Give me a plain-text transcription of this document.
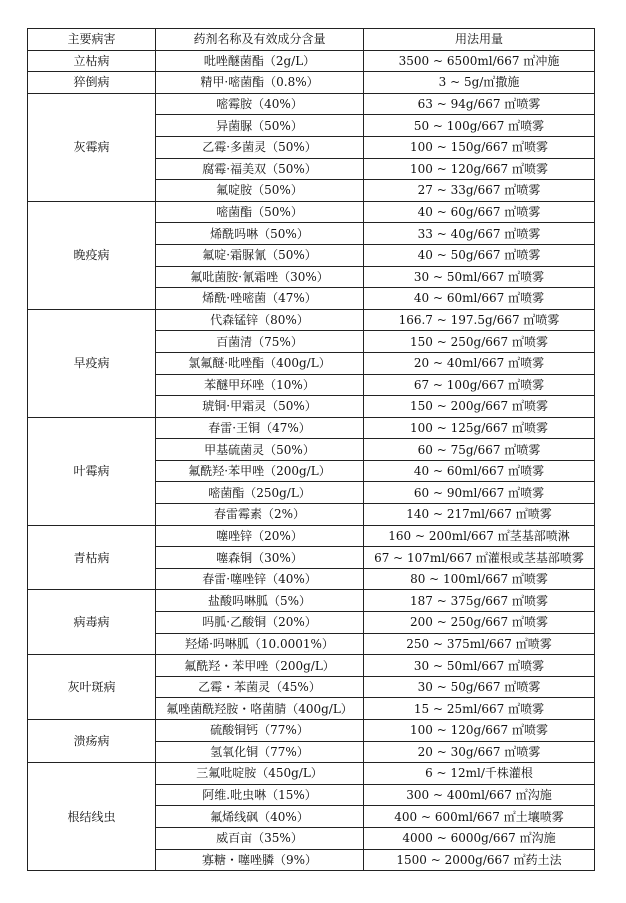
主要病害	药剂名称及有效成分含量	用法用量
立枯病	吡唑醚菌酯（2g/L）	3500 ~ 6500ml/667 ㎡冲施
猝倒病	精甲·嘧菌酯（0.8%）	3 ~ 5g/㎡撒施
灰霉病	嘧霉胺（40%）	63 ~ 94g/667 ㎡喷雾
	异菌脲（50%）	50 ~ 100g/667 ㎡喷雾
	乙霉·多菌灵（50%）	100 ~ 150g/667 ㎡喷雾
	腐霉·福美双（50%）	100 ~ 120g/667 ㎡喷雾
	氟啶胺（50%）	27 ~ 33g/667 ㎡喷雾
晚疫病	嘧菌酯（50%）	40 ~ 60g/667 ㎡喷雾
	烯酰吗啉（50%）	33 ~ 40g/667 ㎡喷雾
	氟啶·霜脲氰（50%）	40 ~ 50g/667 ㎡喷雾
	氟吡菌胺·氰霜唑（30%）	30 ~ 50ml/667 ㎡喷雾
	烯酰·唑嘧菌（47%）	40 ~ 60ml/667 ㎡喷雾
早疫病	代森锰锌（80%）	166.7 ~ 197.5g/667 ㎡喷雾
	百菌清（75%）	150 ~ 250g/667 ㎡喷雾
	氯氟醚·吡唑酯（400g/L）	20 ~ 40ml/667 ㎡喷雾
	苯醚甲环唑（10%）	67 ~ 100g/667 ㎡喷雾
	琥铜·甲霜灵（50%）	150 ~ 200g/667 ㎡喷雾
叶霉病	春雷·王铜（47%）	100 ~ 125g/667 ㎡喷雾
	甲基硫菌灵（50%）	60 ~ 75g/667 ㎡喷雾
	氟酰羟·苯甲唑（200g/L）	40 ~ 60ml/667 ㎡喷雾
	嘧菌酯（250g/L）	60 ~ 90ml/667 ㎡喷雾
	春雷霉素（2%）	140 ~ 217ml/667 ㎡喷雾
青枯病	噻唑锌（20%）	160 ~ 200ml/667 ㎡茎基部喷淋
	噻森铜（30%）	67 ~ 107ml/667 ㎡灌根或茎基部喷雾
	春雷·噻唑锌（40%）	80 ~ 100ml/667 ㎡喷雾
病毒病	盐酸吗啉胍（5%）	187 ~ 375g/667 ㎡喷雾
	吗胍·乙酸铜（20%）	200 ~ 250g/667 ㎡喷雾
	羟烯·吗啉胍（10.0001%）	250 ~ 375ml/667 ㎡喷雾
灰叶斑病	氟酰羟・苯甲唑（200g/L）	30 ~ 50ml/667 ㎡喷雾
	乙霉・苯菌灵（45%）	30 ~ 50g/667 ㎡喷雾
	氟唑菌酰羟胺・咯菌腈（400g/L）	15 ~ 25ml/667 ㎡喷雾
溃疡病	硫酸铜钙（77%）	100 ~ 120g/667 ㎡喷雾
	氢氧化铜（77%）	20 ~ 30g/667 ㎡喷雾
根结线虫	三氟吡啶胺（450g/L）	6 ~ 12ml/千株灌根
	阿维.吡虫啉（15%）	300 ~ 400ml/667 ㎡沟施
	氟烯线砜（40%）	400 ~ 600ml/667 ㎡土壤喷雾
	威百亩（35%）	4000 ~ 6000g/667 ㎡沟施
	寡糖・噻唑膦（9%）	1500 ~ 2000g/667 ㎡药土法
